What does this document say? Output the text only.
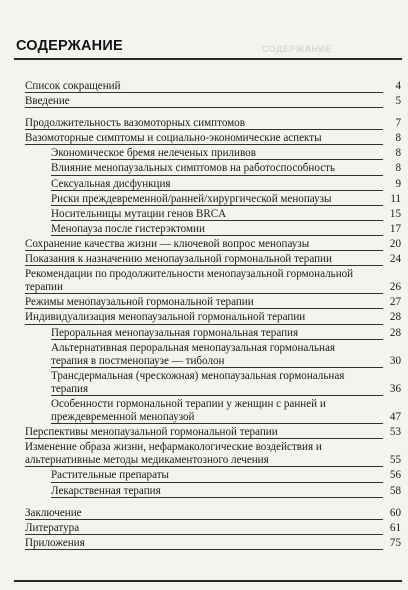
СОДЕРЖАНИЕ
СОДЕРЖАНИЕ
Список сокращений	4
Введение	5
Продолжительность вазомоторных симптомов	7
Вазомоторные симптомы и социально-экономические аспекты	8
Экономическое бремя нелеченых приливов	8
Влияние менопаузальных симптомов на работоспособность	8
Сексуальная дисфункция	9
Риски преждевременной/ранней/хирургической менопаузы	11
Носительницы мутации генов BRCA	15
Менопауза после гистерэктомии	17
Сохранение качества жизни — ключевой вопрос менопаузы	20
Показания к назначению менопаузальной гормональной терапии	24
Рекомендации по продолжительности менопаузальной гормональной терапии	26
Режимы менопаузальной гормональной терапии	27
Индивидуализация менопаузальной гормональной терапии	28
Пероральная менопаузальная гормональная терапия	28
Альтернативная пероральная менопаузальная гормональная терапия в постменопаузе — тиболон	30
Трансдермальная (чрескожная) менопаузальная гормональная терапия	36
Особенности гормональной терапии у женщин с ранней и преждевременной менопаузой	47
Перспективы менопаузальной гормональной терапии	53
Изменение образа жизни, нефармакологические воздействия и альтернативные методы медикаментозного лечения	55
Растительные препараты	56
Лекарственная терапия	58
Заключение	60
Литература	61
Приложения	75
